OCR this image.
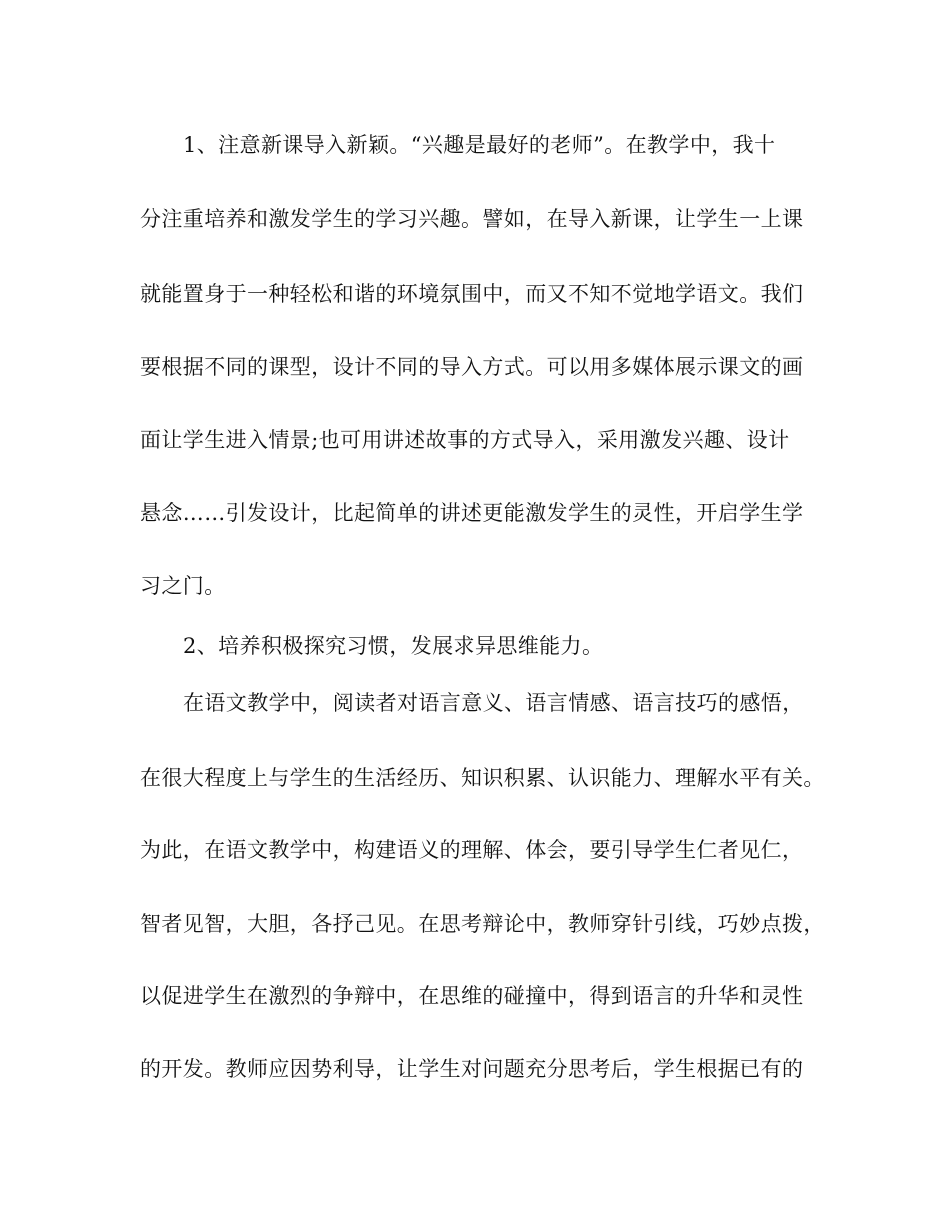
1、注意新课导入新颖。“兴趣是最好的老师”。在教学中，我十
分注重培养和激发学生的学习兴趣。譬如，在导入新课，让学生一上课
就能置身于一种轻松和谐的环境氛围中，而又不知不觉地学语文。我们
要根据不同的课型，设计不同的导入方式。可以用多媒体展示课文的画
面让学生进入情景;也可用讲述故事的方式导入，采用激发兴趣、设计
悬念……引发设计，比起简单的讲述更能激发学生的灵性，开启学生学
习之门。
2、培养积极探究习惯，发展求异思维能力。
在语文教学中，阅读者对语言意义、语言情感、语言技巧的感悟，
在很大程度上与学生的生活经历、知识积累、认识能力、理解水平有关。
为此，在语文教学中，构建语义的理解、体会，要引导学生仁者见仁，
智者见智，大胆，各抒己见。在思考辩论中，教师穿针引线，巧妙点拨，
以促进学生在激烈的争辩中，在思维的碰撞中，得到语言的升华和灵性
的开发。教师应因势利导，让学生对问题充分思考后，学生根据已有的
